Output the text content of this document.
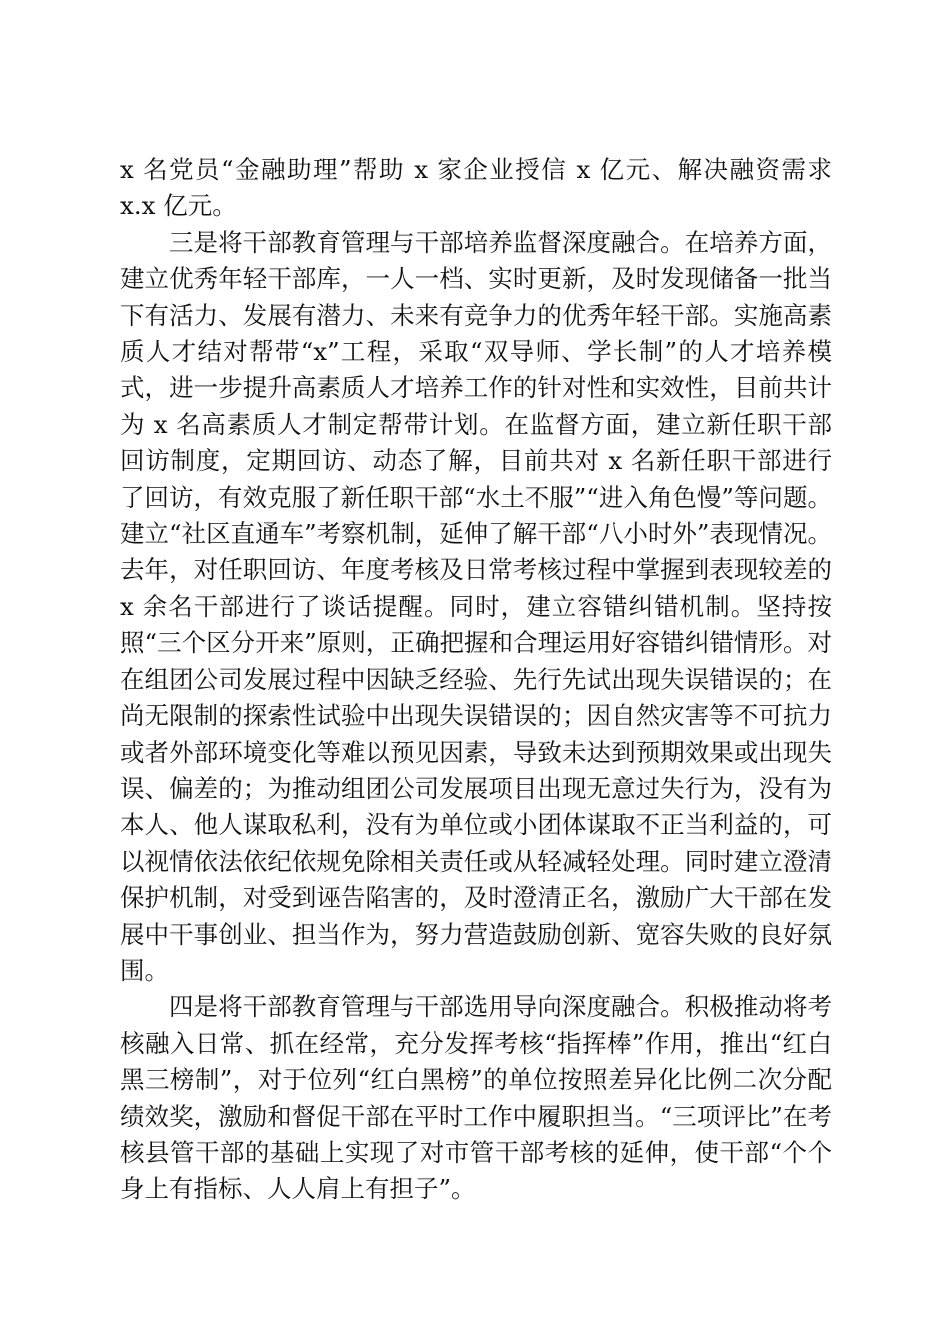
x 名党员“金融助理”帮助 x 家企业授信 x 亿元、解决融资需求 x.x 亿元。

三是将干部教育管理与干部培养监督深度融合。在培养方面，建立优秀年轻干部库，一人一档、实时更新，及时发现储备一批当下有活力、发展有潜力、未来有竞争力的优秀年轻干部。实施高素质人才结对帮带“x”工程，采取“双导师、学长制”的人才培养模式，进一步提升高素质人才培养工作的针对性和实效性，目前共计为 x 名高素质人才制定帮带计划。在监督方面，建立新任职干部回访制度，定期回访、动态了解，目前共对 x 名新任职干部进行了回访，有效克服了新任职干部“水土不服”“进入角色慢”等问题。建立“社区直通车”考察机制，延伸了解干部“八小时外”表现情况。去年，对任职回访、年度考核及日常考核过程中掌握到表现较差的 x 余名干部进行了谈话提醒。同时，建立容错纠错机制。坚持按照“三个区分开来”原则，正确把握和合理运用好容错纠错情形。对在组团公司发展过程中因缺乏经验、先行先试出现失误错误的；在尚无限制的探索性试验中出现失误错误的；因自然灾害等不可抗力或者外部环境变化等难以预见因素，导致未达到预期效果或出现失误、偏差的；为推动组团公司发展项目出现无意过失行为，没有为本人、他人谋取私利，没有为单位或小团体谋取不正当利益的，可以视情依法依纪依规免除相关责任或从轻减轻处理。同时建立澄清保护机制，对受到诬告陷害的，及时澄清正名，激励广大干部在发展中干事创业、担当作为，努力营造鼓励创新、宽容失败的良好氛围。

四是将干部教育管理与干部选用导向深度融合。积极推动将考核融入日常、抓在经常，充分发挥考核“指挥棒”作用，推出“红白黑三榜制”，对于位列“红白黑榜”的单位按照差异化比例二次分配绩效奖，激励和督促干部在平时工作中履职担当。“三项评比”在考核县管干部的基础上实现了对市管干部考核的延伸，使干部“个个身上有指标、人人肩上有担子”。
